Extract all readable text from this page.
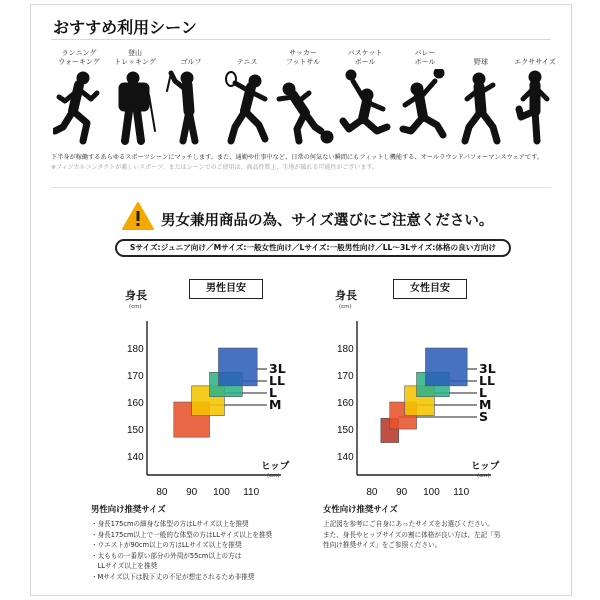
おすすめ利用シーン
ランニング
ウォーキング
登山
トレッキング	ゴルフ	テニス
サッカー
フットサル
バスケット
ボール
バレー
ボール	野球	エクササイズ
下半身が稼働するあらゆるスポーツシーンにマッチします。また、通勤や仕事中など、日常の何気ない瞬間にもフィットし機能する、オールラウンドパフォーマンスウェアです。
※フィジカルコンタクトが激しいスポーツ、またはシーンでのご使用は、商品性質上、生地が破れる可能性がございます。
男女兼用商品の為、サイズ選びにご注意ください。
Sサイズ:ジュニア向け／Mサイズ:一般女性向け／Lサイズ:一般男性向け／LL〜3Lサイズ:体格の良い方向け
身長
(cm)
ヒップ
(cm)
180
170
160
150
140
80 90 100 110
M
L
LL
3L
男性目安
身長
(cm)
ヒップ
(cm)
180
170
160
150
140
80 90 100 110
S
M
L
LL
3L
女性目安
男性向け推奨サイズ
・身長175cmの細身な体型の方はLサイズ以上を推奨
・身長175cm以上で一般的な体型の方はLLサイズ以上を推奨
・ウエストが90cm以上の方はLLサイズ以上を推奨
・太ももの一番厚い部分の外周が55cm以上の方は
　LLサイズ以上を推奨
・Mサイズ以下は股下丈の不足が想定されるため非推奨
女性向け推奨サイズ
上記図を参考にご自身にあったサイズをお選びください。
また、身長やヒップサイズの割に体格が良い方は、左記「男
性向け推奨サイズ」をご参照ください。
